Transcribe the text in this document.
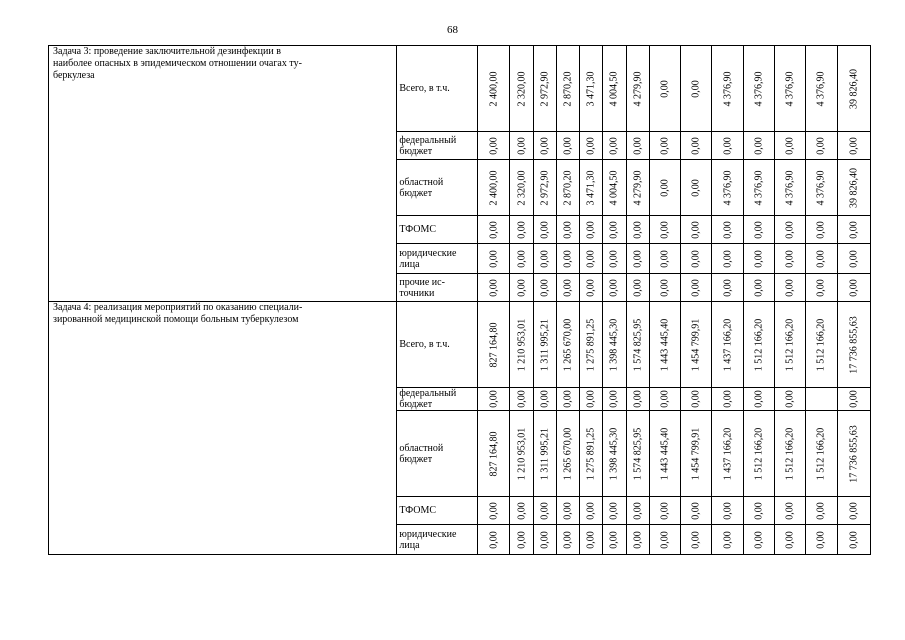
68
Задача 3: проведение заключительной дезинфекции в
наиболее опасных в эпидемическом отношении очагах ту-
беркулеза	Всего, в т.ч.	2 400,00	2 320,00	2 972,90	2 870,20	3 471,30	4 004,50	4 279,90	0,00	0,00	4 376,90	4 376,90	4 376,90	4 376,90	39 826,40

	федеральный
бюджет	0,00	0,00	0,00	0,00	0,00	0,00	0,00	0,00	0,00	0,00	0,00	0,00	0,00	0,00

	областной
бюджет	2 400,00	2 320,00	2 972,90	2 870,20	3 471,30	4 004,50	4 279,90	0,00	0,00	4 376,90	4 376,90	4 376,90	4 376,90	39 826,40

	ТФОМС	0,00	0,00	0,00	0,00	0,00	0,00	0,00	0,00	0,00	0,00	0,00	0,00	0,00	0,00

	юридические
лица	0,00	0,00	0,00	0,00	0,00	0,00	0,00	0,00	0,00	0,00	0,00	0,00	0,00	0,00

	прочие ис-
точники	0,00	0,00	0,00	0,00	0,00	0,00	0,00	0,00	0,00	0,00	0,00	0,00	0,00	0,00

Задача 4: реализация мероприятий по оказанию специали-
зированной медицинской помощи больным туберкулезом	Всего, в т.ч.	827 164,80	1 210 953,01	1 311 995,21	1 265 670,00	1 275 891,25	1 398 445,30	1 574 825,95	1 443 445,40	1 454 799,91	1 437 166,20	1 512 166,20	1 512 166,20	1 512 166,20	17 736 855,63

	федеральный
бюджет	0,00	0,00	0,00	0,00	0,00	0,00	0,00	0,00	0,00	0,00	0,00	0,00		0,00

	областной
бюджет	827 164,80	1 210 953,01	1 311 995,21	1 265 670,00	1 275 891,25	1 398 445,30	1 574 825,95	1 443 445,40	1 454 799,91	1 437 166,20	1 512 166,20	1 512 166,20	1 512 166,20	17 736 855,63

	ТФОМС	0,00	0,00	0,00	0,00	0,00	0,00	0,00	0,00	0,00	0,00	0,00	0,00	0,00	0,00

	юридические
лица	0,00	0,00	0,00	0,00	0,00	0,00	0,00	0,00	0,00	0,00	0,00	0,00	0,00	0,00
